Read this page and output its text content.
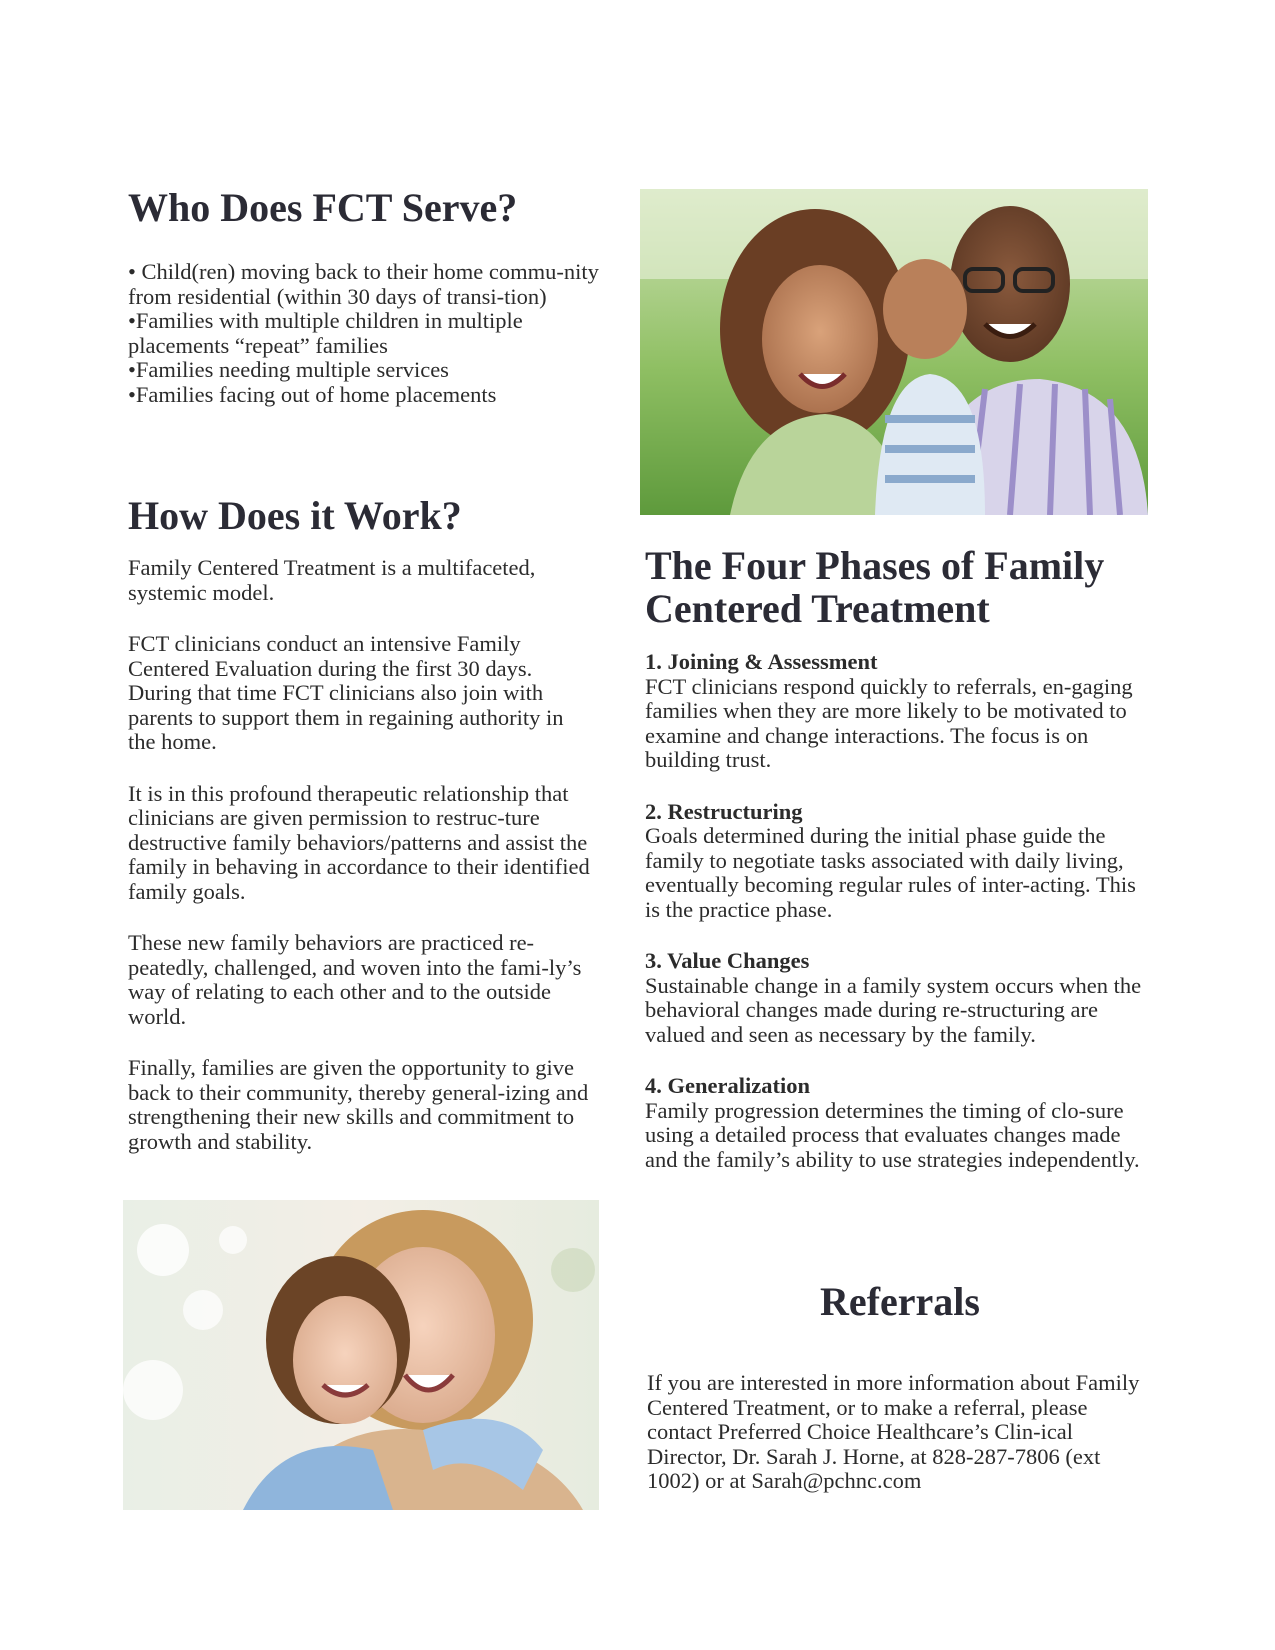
Who Does FCT Serve?

• Child(ren) moving back to their home commu-nity from residential (within 30 days of transi-tion)

•Families with multiple children in multiple placements “repeat” families

•Families needing multiple services

•Families facing out of home placements

How Does it Work?

Family Centered Treatment is a multifaceted, systemic model.

FCT clinicians conduct an intensive Family Centered Evaluation during the first 30 days. During that time FCT clinicians also join with parents to support them in regaining authority in the home.

It is in this profound therapeutic relationship that clinicians are given permission to restruc-ture destructive family behaviors/patterns and assist the family in behaving in accordance to their identified family goals.

These new family behaviors are practiced re-peatedly, challenged, and woven into the fami-ly’s way of relating to each other and to the outside world.

Finally, families are given the opportunity to give back to their community, thereby general-izing and strengthening their new skills and commitment to growth and stability.

The Four Phases of Family Centered Treatment
1. Joining & Assessment
FCT clinicians respond quickly to referrals, en-gaging families when they are more likely to be motivated to examine and change interactions. The focus is on building trust.
2. Restructuring
Goals determined during the initial phase guide the family to negotiate tasks associated with daily living, eventually becoming regular rules of inter-acting. This is the practice phase.
3. Value Changes
Sustainable change in a family system occurs when the behavioral changes made during re-structuring are valued and seen as necessary by the family.
4. Generalization
Family progression determines the timing of clo-sure using a detailed process that evaluates changes made and the family’s ability to use strategies independently.
Referrals

If you are interested in more information about Family Centered Treatment, or to make a referral, please contact Preferred Choice Healthcare’s Clin-ical Director, Dr. Sarah J. Horne, at 828-287-7806 (ext 1002) or at Sarah@pchnc.com
